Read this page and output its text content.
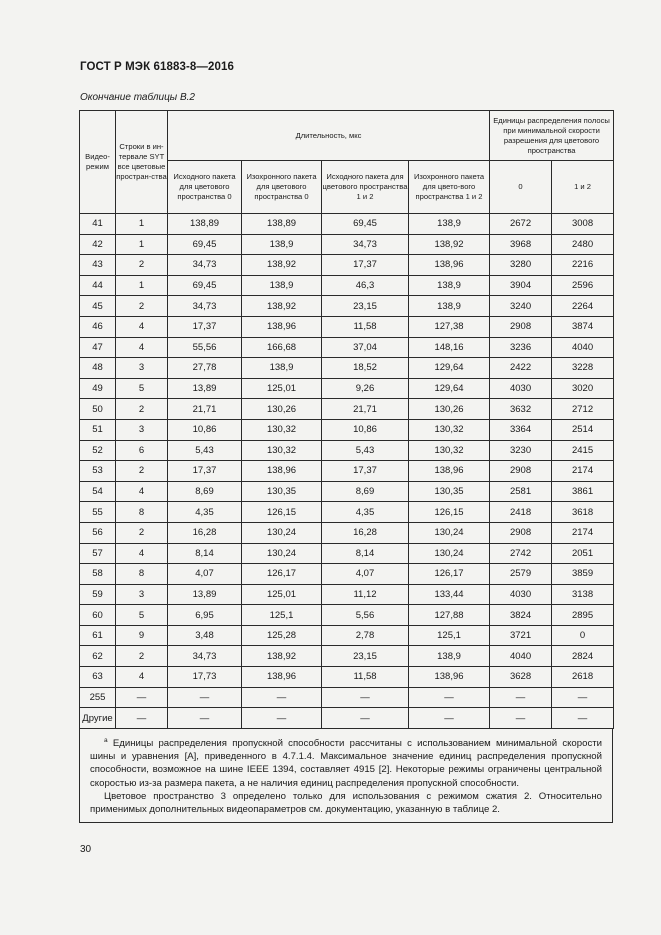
ГОСТ Р МЭК 61883-8—2016
Окончание таблицы В.2
Видео-режим	Строки в ин-тервале SYT все цветовые простран-ства	Длительность, мкс				Единицы распределения полосы при минимальной скорости разрешения для цветового пространства	
		Исходного пакета для цветового пространства 0	Изохронного пакета для цветового пространства 0	Исходного пакета для цветового пространства 1 и 2	Изохронного пакета для цвето-вого пространства 1 и 2	0	1 и 2
41	1	138,89	138,89	69,45	138,9	2672	3008
42	1	69,45	138,9	34,73	138,92	3968	2480
43	2	34,73	138,92	17,37	138,96	3280	2216
44	1	69,45	138,9	46,3	138,9	3904	2596
45	2	34,73	138,92	23,15	138,9	3240	2264
46	4	17,37	138,96	11,58	127,38	2908	3874
47	4	55,56	166,68	37,04	148,16	3236	4040
48	3	27,78	138,9	18,52	129,64	2422	3228
49	5	13,89	125,01	9,26	129,64	4030	3020
50	2	21,71	130,26	21,71	130,26	3632	2712
51	3	10,86	130,32	10,86	130,32	3364	2514
52	6	5,43	130,32	5,43	130,32	3230	2415
53	2	17,37	138,96	17,37	138,96	2908	2174
54	4	8,69	130,35	8,69	130,35	2581	3861
55	8	4,35	126,15	4,35	126,15	2418	3618
56	2	16,28	130,24	16,28	130,24	2908	2174
57	4	8,14	130,24	8,14	130,24	2742	2051
58	8	4,07	126,17	4,07	126,17	2579	3859
59	3	13,89	125,01	11,12	133,44	4030	3138
60	5	6,95	125,1	5,56	127,88	3824	2895
61	9	3,48	125,28	2,78	125,1	3721	0
62	2	34,73	138,92	23,15	138,9	4040	2824
63	4	17,73	138,96	11,58	138,96	3628	2618
255	—	—	—	—	—	—	—
Другие	—	—	—	—	—	—	—

$^а$ Единицы распределения пропускной способности рассчитаны с использованием минимальной скорости шины и уравнения [А], приведенного в 4.7.1.4. Максимальное значение единиц распределения пропускной способности, возможное на шине IEEE 1394, составляет 4915 [2]. Некоторые режимы ограничены центральной скоростью из-за размера пакета, а не наличия единиц распределения пропускной способности.

Цветовое пространство 3 определено только для использования с режимом сжатия 2. Относительно применимых дополнительных видеопараметров см. документацию, указанную в таблице 2.

30
